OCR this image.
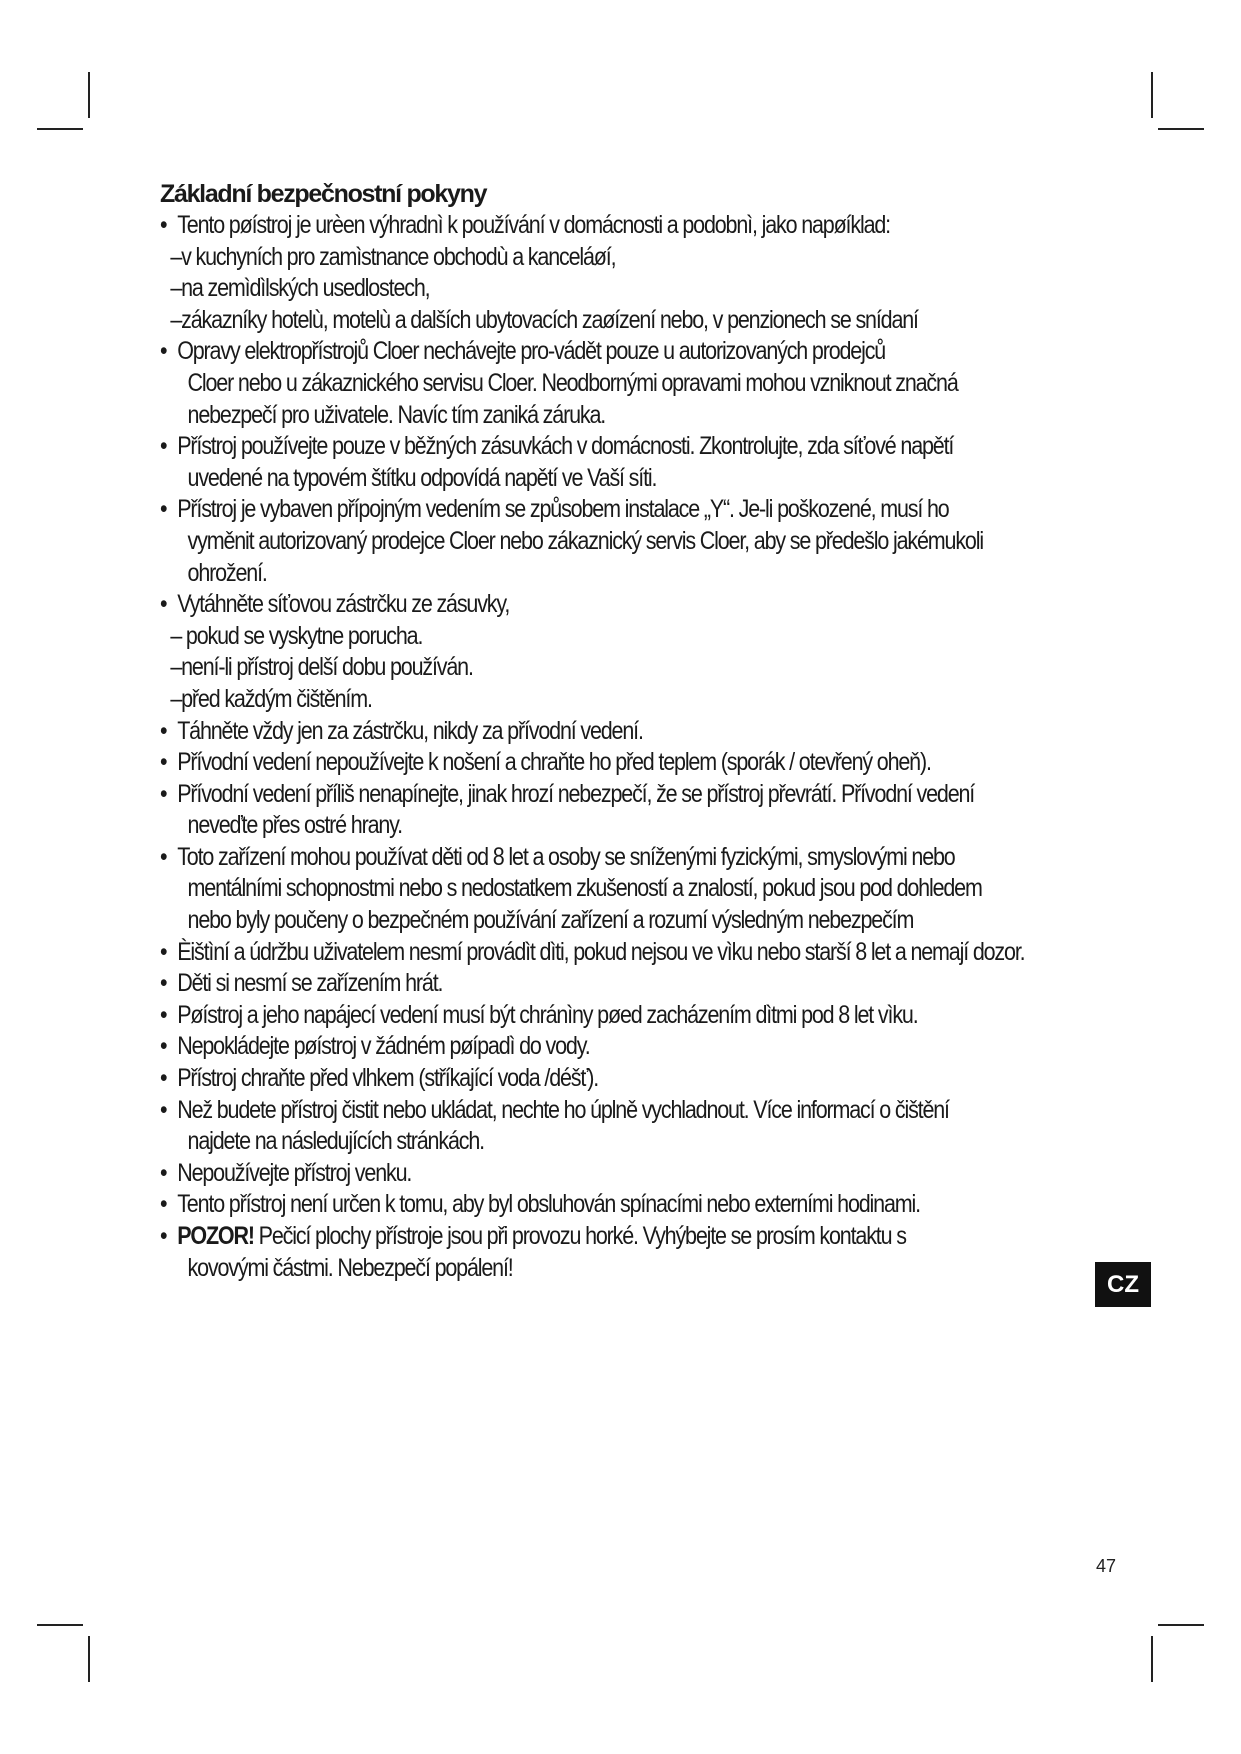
Základní bezpečnostní pokyny
• Tento pøístroj je urèen výhradnì k používání v domácnosti a podobnì, jako napøíklad:
–v kuchyních pro zamìstnance obchodù a kanceláøí,
–na zemìdìlských usedlostech,
–zákazníky hotelù, motelù a dalších ubytovacích zaøízení nebo, v penzionech se snídaní
• Opravy elektropřístrojů Cloer nechávejte pro-vádět pouze u autorizovaných prodejců
Cloer nebo u zákaznického servisu Cloer. Neodbornými opravami mohou vzniknout značná
nebezpečí pro uživatele. Navíc tím zaniká záruka.
• Přístroj používejte pouze v běžných zásuvkách v domácnosti. Zkontrolujte, zda síťové napětí
uvedené na typovém štítku odpovídá napětí ve Vaší síti.
• Přístroj je vybaven přípojným vedením se způsobem instalace „Y“. Je-li poškozené, musí ho
vyměnit autorizovaný prodejce Cloer nebo zákaznický servis Cloer, aby se předešlo jakémukoli
ohrožení.
• Vytáhněte síťovou zástrčku ze zásuvky,
– pokud se vyskytne porucha.
–není-li přístroj delší dobu používán.
–před každým čištěním.
• Táhněte vždy jen za zástrčku, nikdy za přívodní vedení.
• Přívodní vedení nepoužívejte k nošení a chraňte ho před teplem (sporák / otevřený oheň).
• Přívodní vedení příliš nenapínejte, jinak hrozí nebezpečí, že se přístroj převrátí. Přívodní vedení
neveďte přes ostré hrany.
• Toto zařízení mohou používat děti od 8 let a osoby se sníženými fyzickými, smyslovými nebo
mentálními schopnostmi nebo s nedostatkem zkušeností a znalostí, pokud jsou pod dohledem
nebo byly poučeny o bezpečném používání zařízení a rozumí výsledným nebezpečím
• Èištìní a údržbu uživatelem nesmí provádìt dìti, pokud nejsou ve vìku nebo starší 8 let a nemají dozor.
• Děti si nesmí se zařízením hrát.
• Pøístroj a jeho napájecí vedení musí být chránìny pøed zacházením dìtmi pod 8 let vìku.
• Nepokládejte pøístroj v žádném pøípadì do vody.
• Přístroj chraňte před vlhkem (stříkající voda /déšť).
• Než budete přístroj čistit nebo ukládat, nechte ho úplně vychladnout. Více informací o čištění
najdete na následujících stránkách.
• Nepoužívejte přístroj venku.
• Tento přístroj není určen k tomu, aby byl obsluhován spínacími nebo externími hodinami.
• POZOR! Pečicí plochy přístroje jsou při provozu horké. Vyhýbejte se prosím kontaktu s
kovovými částmi. Nebezpečí popálení!
CZ
47
